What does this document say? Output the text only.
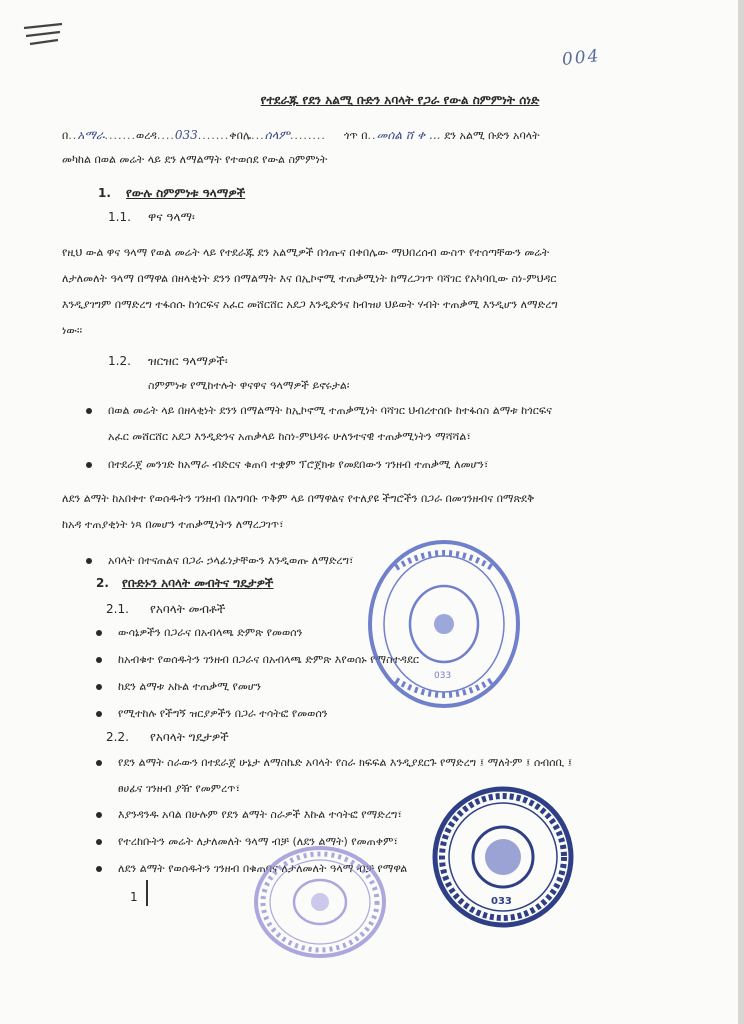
004
የተደራጁ የደን አልሚ ቡድን አባላት የጋራ የውል ስምምነት ሰነድ
በ..አማራ.......ወረዳ....033.......ቀበሌ...ሰላም........    ጎጥ በ..መሰል ሸ ቀ ... ደን አልሚ ቡድን አባላት
መካከል በወል መሬት ላይ ደን ለማልማት የተወሰደ የውል ስምምነት
1. የውሉ ስምምነቱ ዓላማዎች
1.1. ዋና ዓላማ፡
የዚህ ውል ዋና ዓላማ የወል መሬት ላይ የተደራጁ ደን አልሚዎች በጎጡና በቀበሌው ማህበረሰብ ውስጥ የተሰጣቸውን መሬት
ለታለመለት ዓላማ በማዋል በዘላቂነት ደንን በማልማት እና በኢኮኖሚ ተጠቃሚነት ከማረጋገጥ ባሻገር የአካባቢው ስነ-ምህዳር
እንዲያገግም በማድረግ ተፋሰሱ ከጎርፍና አፈር መሸርሸር አደጋ እንዲድንና ከብዝሀ ህይወት ሃብት ተጠቃሚ እንዲሆን ለማድረግ
ነው፡፡
1.2. ዝርዝር ዓላማዎች፡
ስምምነቱ የሚከተሉት ዋናዋና ዓላማዎች ይኖሩታል፡
በወል መሬት ላይ በዘላቂነት ደንን በማልማት ከኢኮኖሚ ተጠቃሚነት ባሻገር ህብረተሰቡ ከተፋሰስ ልማቱ ከጎርፍና
አፈር መሸርሸር አደጋ እንዲድንና አጠቃላይ ከስነ-ምህዳሩ ሁለንተናዊ ተጠቃሚነትን ማሻሻል፣
በተደራጀ መንገድ ከአማራ ብድርና ቁጠባ ተቋም ፕሮጀክቱ የመደበውን ገንዘብ ተጠቃሚ ለመሆን፣
ለደን ልማት ከአበቀተ የወሰዱትን ገንዘብ በአግባቡ ጥቅም ላይ በማዋልና የተለያዩ ችግሮችን በጋራ በመገንዘብና በማጽደቅ
ከአዳ ተጠያቂነት ነጻ በመሆን ተጠቃሚነትን ለማረጋገጥ፣
አባላት በተናጠልና በጋራ ኃላፊነታቸውን እንዲወጡ ለማድረግ፣
2. የቡድኑን አባላት መብትና ግዴታዎች
2.1. የአባላት መብቶች
ውሳኔዎችን በጋራና በአብላጫ ድምጽ የመወሰን
ከአብቁተ የወሰዱትን ገንዘብ በጋራና በአብላጫ ድምጽ እየወሰኑ የማስተዳደር
ከደን ልማቱ አኩል ተጠቃሚ የመሆን
የሚተከሉ የችግኝ ዝርያዎችን በጋራ ተሳትፎ የመወሰን
2.2. የአባላት ግዴታዎች
የደን ልማት ስራውን በተደራጀ ሁኔታ ለማስኬድ አባላት የስራ ክፍፍል እንዲያደርጉ የማድረግ ፤ ማለትም ፤ ሰብሰቢ ፤
ፀሀፊና ገንዘብ ያዥ የመምረጥ፣
እያንዳንዱ አባል በሁሉም የደን ልማት ስራዎች እኩል ተሳትፎ የማድረግ፣
የተረከቡትን መሬት ለታለመለት ዓላማ ብቻ (ለደን ልማት) የመጠቀም፣
ለደን ልማት የወሰዱትን ገንዘብ በቁጠባና ለታለመለት ዓላማ ብቻ የማዋል
033
033
1
